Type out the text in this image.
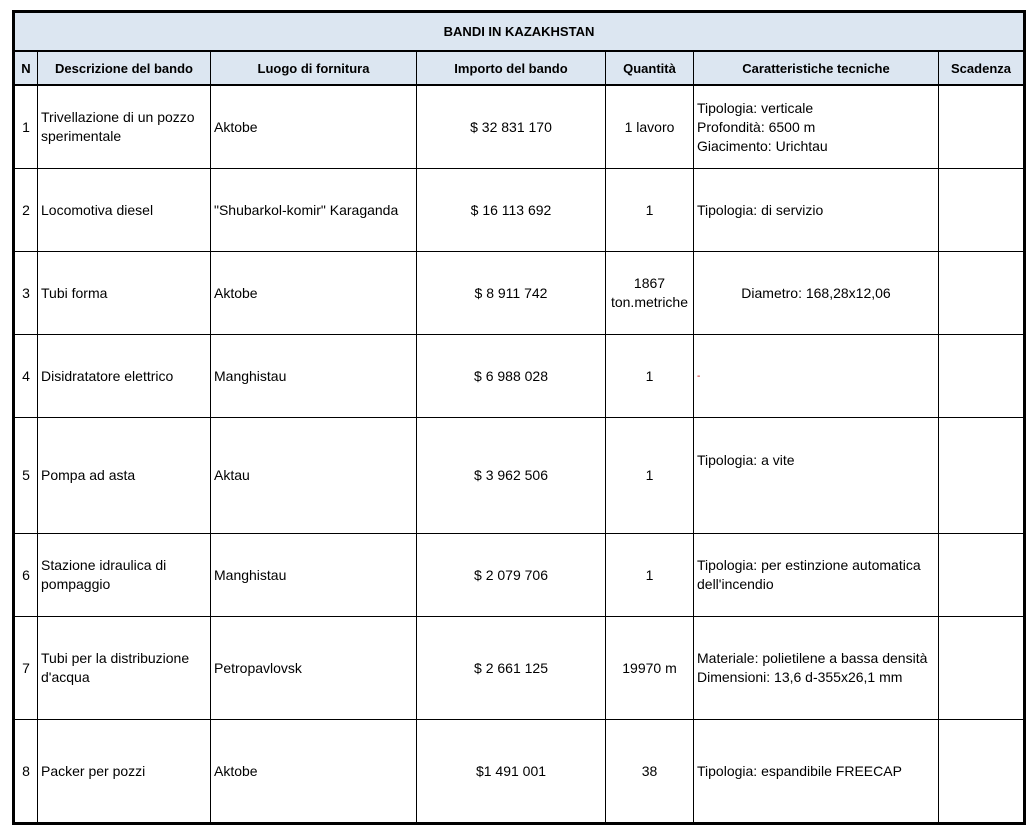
BANDI IN KAZAKHSTAN						
N	Descrizione del bando	Luogo di fornitura	Importo del bando	Quantità	Caratteristiche tecniche	Scadenza
1	Trivellazione di un pozzo sperimentale	Aktobe	$ 32 831 170	1 lavoro	Tipologia: verticale
Profondità: 6500 m
Giacimento: Urichtau	

2	Locomotiva diesel	"Shubarkol-komir" Karaganda	$ 16 113 692	1	Tipologia: di servizio	

3	Tubi forma	Aktobe	$ 8 911 742	1867 ton.metriche	Diametro: 168,28x12,06	

4	Disidratatore elettrico	Manghistau	$ 6 988 028	1	-	

5	Pompa ad asta	Aktau	$ 3 962 506	1	Tipologia: a vite	

6	Stazione idraulica di pompaggio	Manghistau	$ 2 079 706	1	Tipologia: per estinzione automatica dell'incendio	

7	Tubi per la distribuzione d'acqua	Petropavlovsk	$ 2 661 125	19970 m	Materiale: polietilene a bassa densità
Dimensioni: 13,6 d-355x26,1 mm	

8	Packer per pozzi	Aktobe	$1 491 001	38	Tipologia: espandibile FREECAP	
